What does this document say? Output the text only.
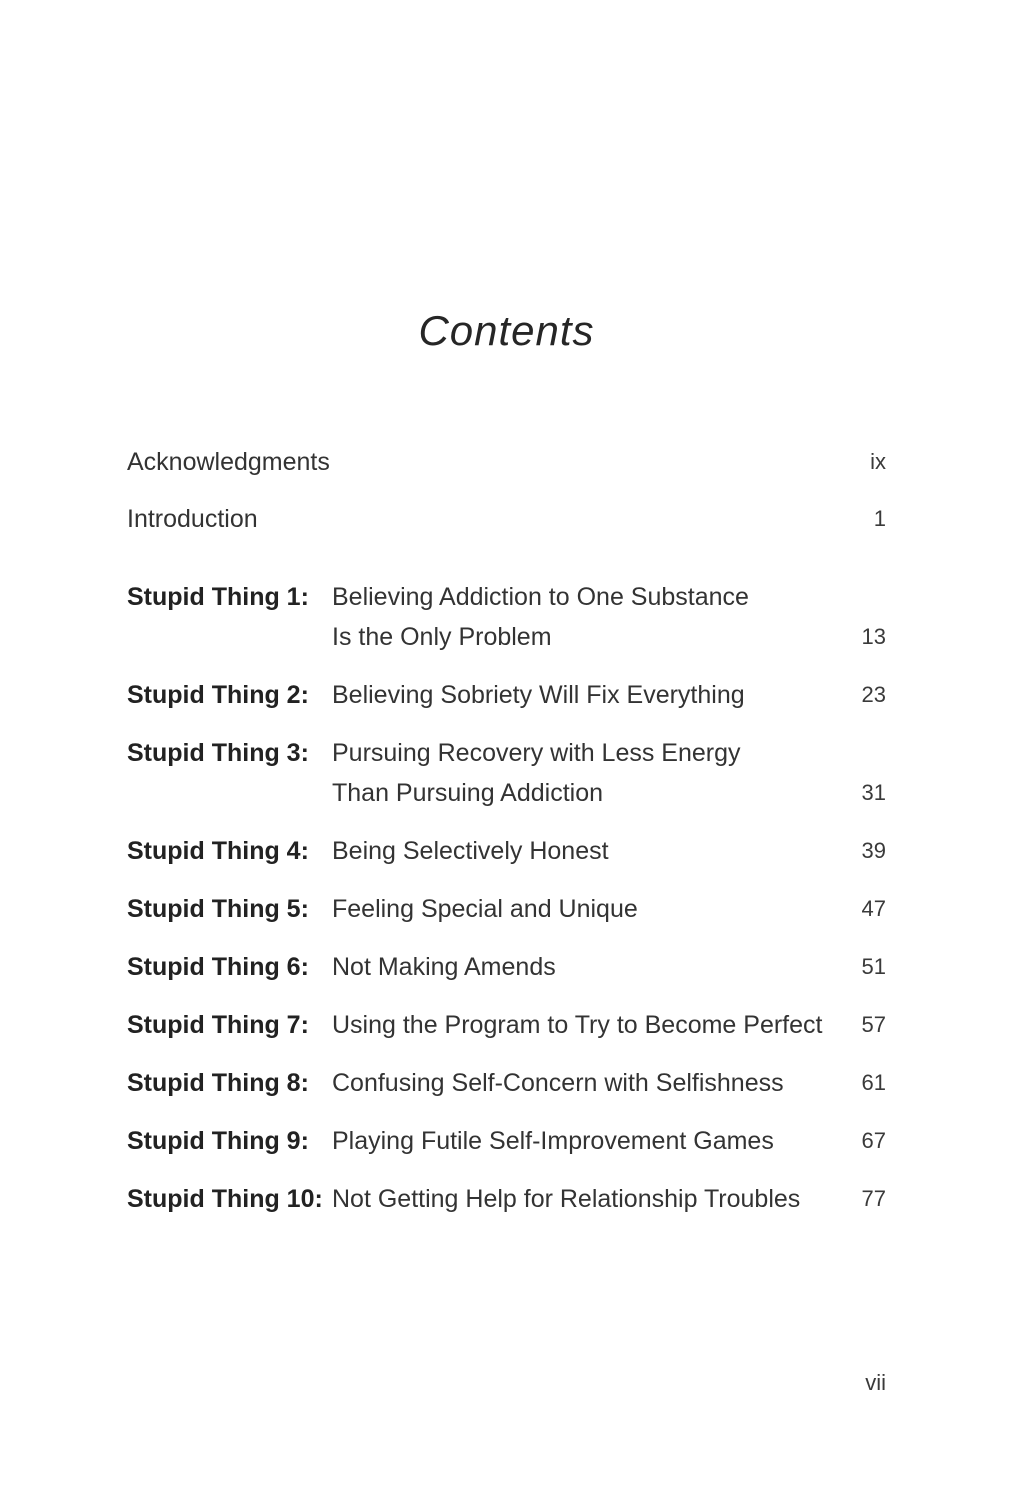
Contents
Acknowledgments	ix
Introduction	1
Stupid Thing 1: Believing Addiction to One Substance
Is the Only Problem	13
Stupid Thing 2: Believing Sobriety Will Fix Everything	23
Stupid Thing 3: Pursuing Recovery with Less Energy
Than Pursuing Addiction	31
Stupid Thing 4: Being Selectively Honest	39
Stupid Thing 5: Feeling Special and Unique	47
Stupid Thing 6: Not Making Amends	51
Stupid Thing 7: Using the Program to Try to Become Perfect	57
Stupid Thing 8: Confusing Self-Concern with Selfishness	61
Stupid Thing 9: Playing Futile Self-Improvement Games	67
Stupid Thing 10: Not Getting Help for Relationship Troubles	77
vii
